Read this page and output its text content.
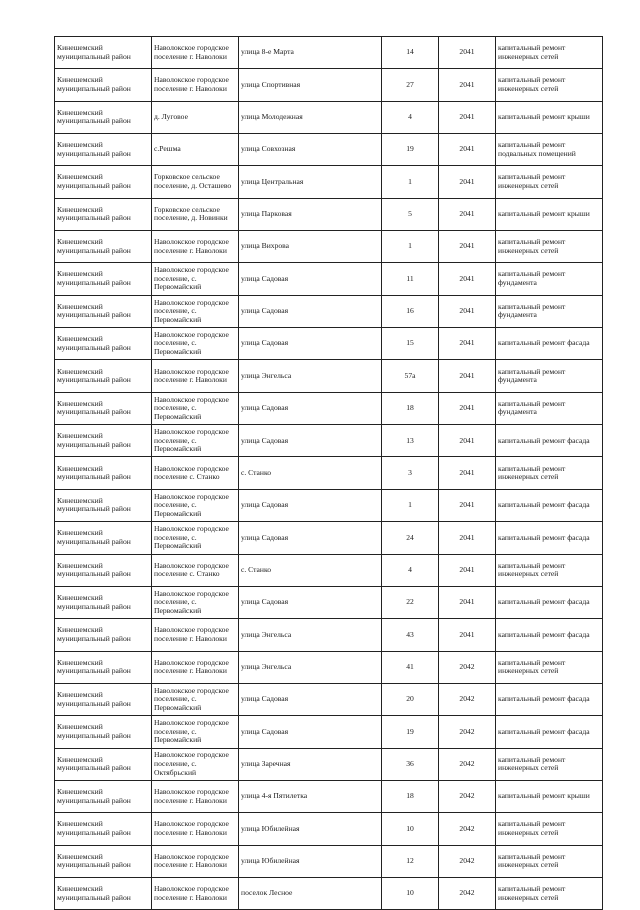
Кинешемский муниципальный район	Наволокское городское поселение г. Наволоки	улица 8-е Марта	14	2041	капитальный ремонт инженерных сетей
Кинешемский муниципальный район	Наволокское городское поселение г. Наволоки	улица Спортивная	27	2041	капитальный ремонт инженерных сетей
Кинешемский муниципальный район	д. Луговое	улица Молодежная	4	2041	капитальный ремонт крыши
Кинешемский муниципальный район	с.Решма	улица Совхозная	19	2041	капитальный ремонт подвальных помещений
Кинешемский муниципальный район	Горковское сельское поселение, д. Осташево	улица Центральная	1	2041	капитальный ремонт инженерных сетей
Кинешемский муниципальный район	Горковское сельское поселение, д. Новинки	улица Парковая	5	2041	капитальный ремонт крыши
Кинешемский муниципальный район	Наволокское городское поселение г. Наволоки	улица Вихрова	1	2041	капитальный ремонт инженерных сетей
Кинешемский муниципальный район	Наволокское городское поселение, с. Первомайский	улица Садовая	11	2041	капитальный ремонт фундамента
Кинешемский муниципальный район	Наволокское городское поселение, с. Первомайский	улица Садовая	16	2041	капитальный ремонт фундамента
Кинешемский муниципальный район	Наволокское городское поселение, с. Первомайский	улица Садовая	15	2041	капитальный ремонт фасада
Кинешемский муниципальный район	Наволокское городское поселение г. Наволоки	улица Энгельса	57а	2041	капитальный ремонт фундамента
Кинешемский муниципальный район	Наволокское городское поселение, с. Первомайский	улица Садовая	18	2041	капитальный ремонт фундамента
Кинешемский муниципальный район	Наволокское городское поселение, с. Первомайский	улица Садовая	13	2041	капитальный ремонт фасада
Кинешемский муниципальный район	Наволокское городское поселение с. Станко	с. Станко	3	2041	капитальный ремонт инженерных сетей
Кинешемский муниципальный район	Наволокское городское поселение, с. Первомайский	улица Садовая	1	2041	капитальный ремонт фасада
Кинешемский муниципальный район	Наволокское городское поселение, с. Первомайский	улица Садовая	24	2041	капитальный ремонт фасада
Кинешемский муниципальный район	Наволокское городское поселение с. Станко	с. Станко	4	2041	капитальный ремонт инженерных сетей
Кинешемский муниципальный район	Наволокское городское поселение, с. Первомайский	улица Садовая	22	2041	капитальный ремонт фасада
Кинешемский муниципальный район	Наволокское городское поселение г. Наволоки	улица Энгельса	43	2041	капитальный ремонт фасада
Кинешемский муниципальный район	Наволокское городское поселение г. Наволоки	улица Энгельса	41	2042	капитальный ремонт инженерных сетей
Кинешемский муниципальный район	Наволокское городское поселение, с. Первомайский	улица Садовая	20	2042	капитальный ремонт фасада
Кинешемский муниципальный район	Наволокское городское поселение, с. Первомайский	улица Садовая	19	2042	капитальный ремонт фасада
Кинешемский муниципальный район	Наволокское городское поселение, с. Октябрьский	улица Заречная	36	2042	капитальный ремонт инженерных сетей
Кинешемский муниципальный район	Наволокское городское поселение г. Наволоки	улица 4-я Пятилетка	18	2042	капитальный ремонт крыши
Кинешемский муниципальный район	Наволокское городское поселение г. Наволоки	улица Юбилейная	10	2042	капитальный ремонт инженерных сетей
Кинешемский муниципальный район	Наволокское городское поселение г. Наволоки	улица Юбилейная	12	2042	капитальный ремонт инженерных сетей
Кинешемский муниципальный район	Наволокское городское поселение г. Наволоки	поселок Лесное	10	2042	капитальный ремонт инженерных сетей
